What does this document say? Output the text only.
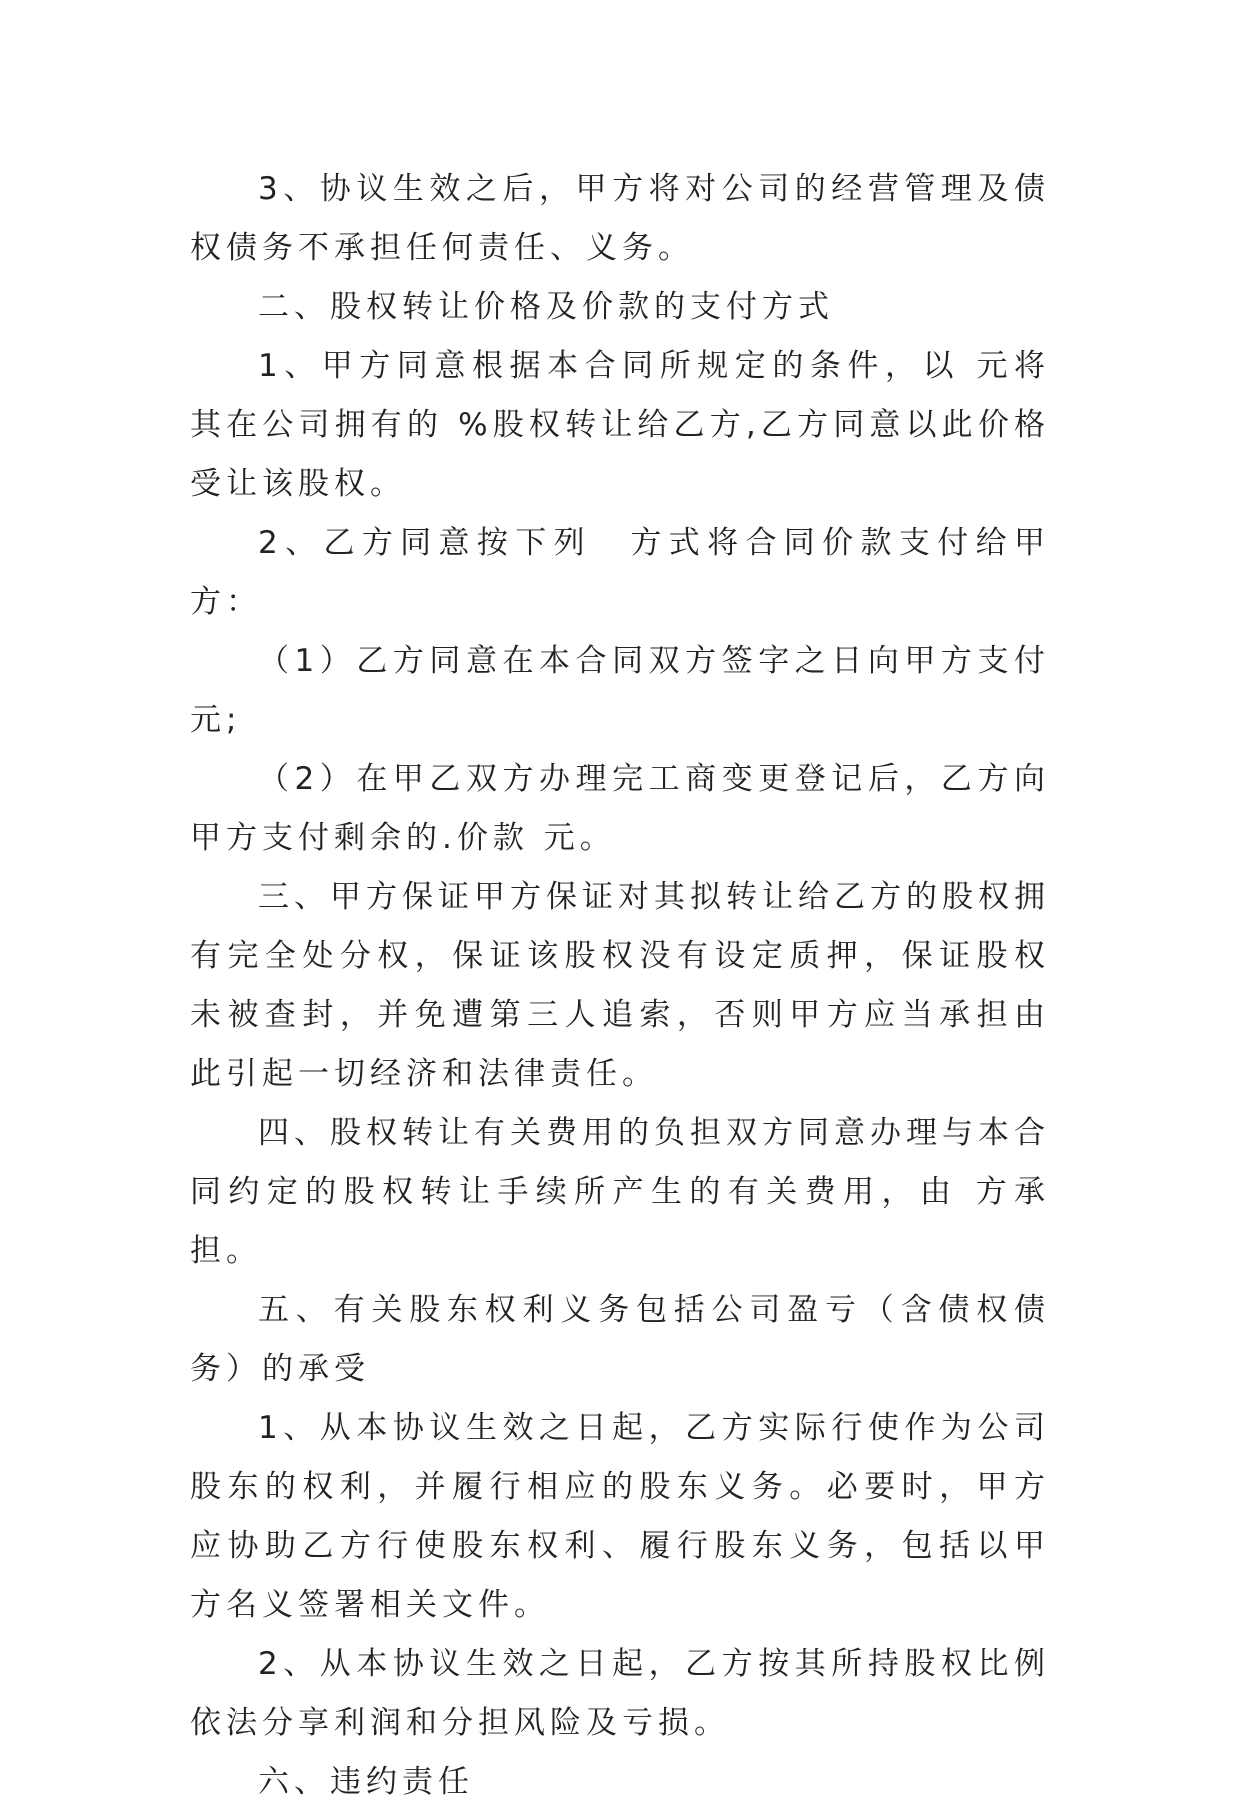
3、协议生效之后，甲方将对公司的经营管理及债权债务不承担任何责任、义务。

二、股权转让价格及价款的支付方式

1、甲方同意根据本合同所规定的条件，以 元将其在公司拥有的 %股权转让给乙方,乙方同意以此价格受让该股权。

2、乙方同意按下列　方式将合同价款支付给甲方：

（1）乙方同意在本合同双方签字之日向甲方支付 元;

（2）在甲乙双方办理完工商变更登记后，乙方向甲方支付剩余的.价款 元。

三、甲方保证甲方保证对其拟转让给乙方的股权拥有完全处分权，保证该股权没有设定质押，保证股权未被查封，并免遭第三人追索，否则甲方应当承担由此引起一切经济和法律责任。

四、股权转让有关费用的负担双方同意办理与本合同约定的股权转让手续所产生的有关费用，由 方承担。

五、有关股东权利义务包括公司盈亏（含债权债务）的承受

1、从本协议生效之日起，乙方实际行使作为公司股东的权利，并履行相应的股东义务。必要时，甲方应协助乙方行使股东权利、履行股东义务，包括以甲方名义签署相关文件。

2、从本协议生效之日起，乙方按其所持股权比例依法分享利润和分担风险及亏损。

六、违约责任
